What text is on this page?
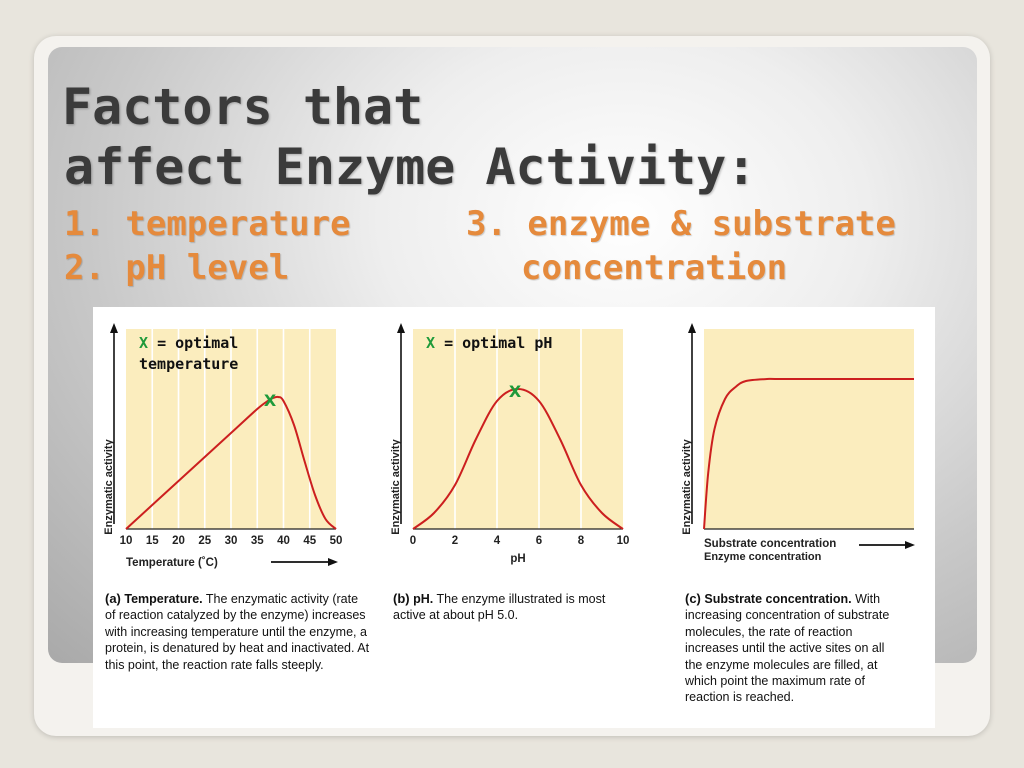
Factors that
affect Enzyme Activity:
1. temperature
2. pH level
3. enzyme & substrate
concentration
Enzymatic activity
10 15 20 25 30 35 40 45 50
Temperature (˚C)
X
X = optimal
temperature
Enzymatic activity
0	2	4	6	8	10
pH
X
X = optimal pH
Enzymatic activity
Substrate concentration
Enzyme concentration
(a) Temperature. The enzymatic activity (rate of reaction catalyzed by the enzyme) increases with increasing temperature until the enzyme, a protein, is denatured by heat and inactivated. At this point, the reaction rate falls steeply.
(b) pH. The enzyme illustrated is most active at about pH 5.0.
(c) Substrate concentration. With increasing concentration of substrate molecules, the rate of reaction increases until the active sites on all the enzyme molecules are filled, at which point the maximum rate of reaction is reached.
